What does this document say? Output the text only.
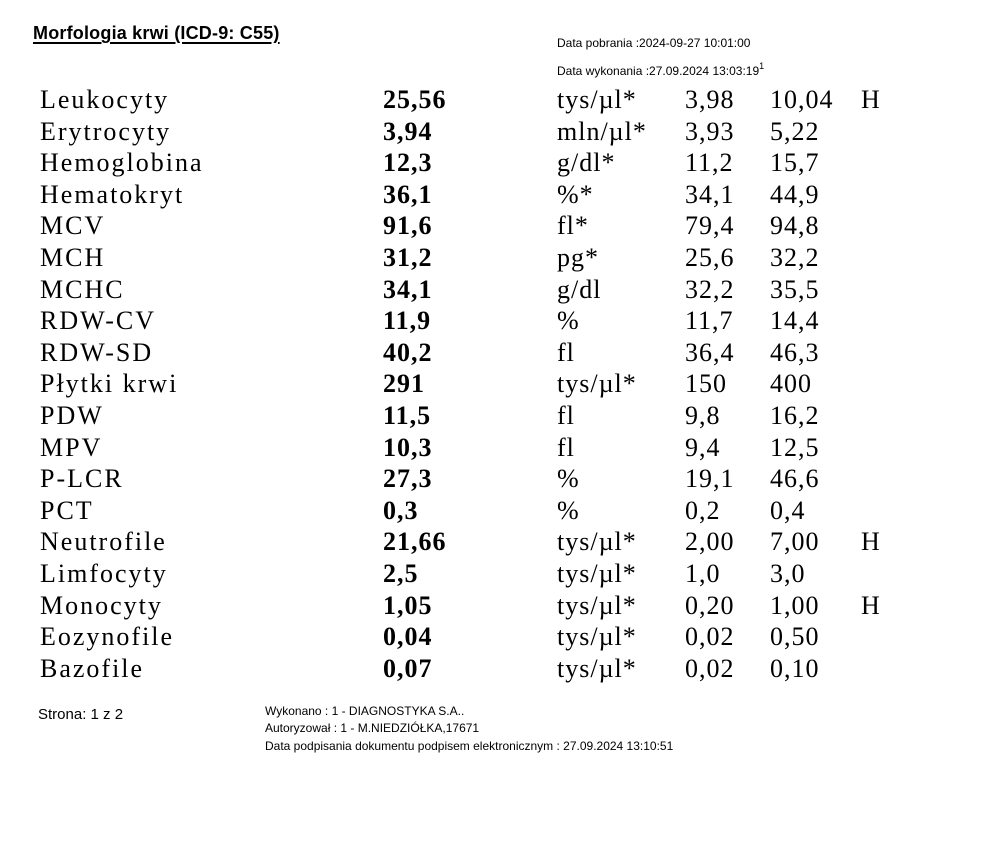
Morfologia krwi (ICD-9: C55)	Data pobrania :2024-09-27 10:01:00
Data wykonania :27.09.2024 13:03:19$^1$
Leukocyty	25,56	tys/µl*	3,98	10,04	H
Erytrocyty	3,94	mln/µl*	3,93	5,22
Hemoglobina	12,3	g/dl*	11,2	15,7
Hematokryt	36,1	%*	34,1	44,9
MCV	91,6	fl*	79,4	94,8
MCH	31,2	pg*	25,6	32,2
MCHC	34,1	g/dl	32,2	35,5
RDW-CV	11,9	%	11,7	14,4
RDW-SD	40,2	fl	36,4	46,3
Płytki krwi	291	tys/µl*	150	400
PDW	11,5	fl	9,8	16,2
MPV	10,3	fl	9,4	12,5
P-LCR	27,3	%	19,1	46,6
PCT	0,3	%	0,2	0,4
Neutrofile	21,66	tys/µl*	2,00	7,00	H
Limfocyty	2,5	tys/µl*	1,0	3,0
Monocyty	1,05	tys/µl*	0,20	1,00	H
Eozynofile	0,04	tys/µl*	0,02	0,50
Bazofile	0,07	tys/µl*	0,02	0,10
Strona: 1 z 2	Wykonano : 1 - DIAGNOSTYKA S.A..
Autoryzował : 1 - M.NIEDZIÓŁKA,17671
Data podpisania dokumentu podpisem elektronicznym : 27.09.2024 13:10:51
